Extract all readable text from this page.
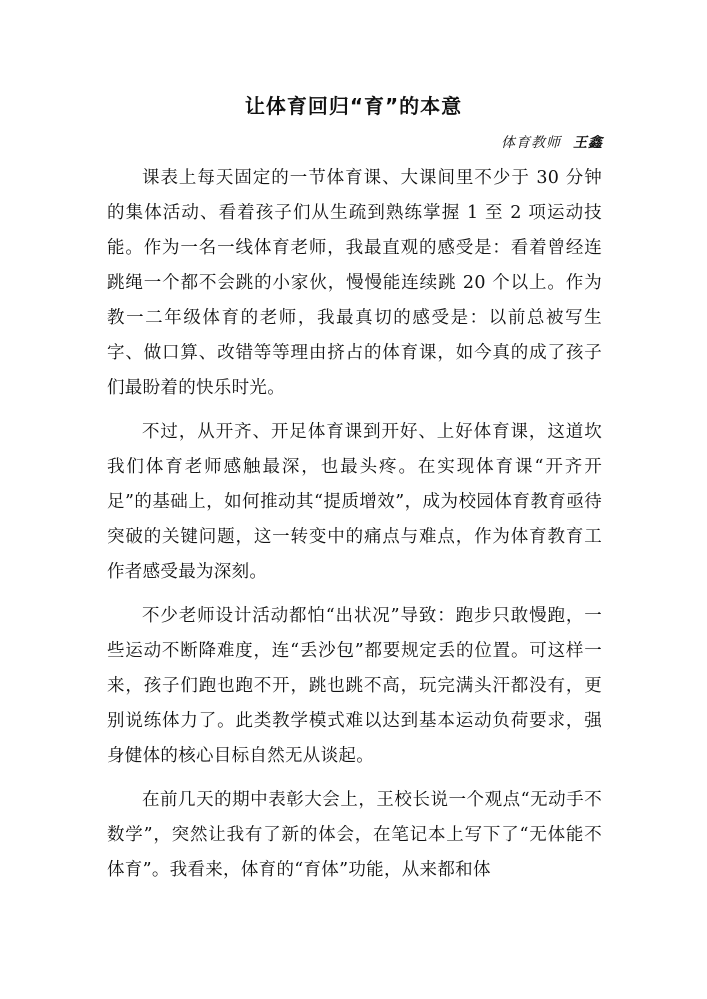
让体育回归“育”的本意
体育教师 王鑫

课表上每天固定的一节体育课、大课间里不少于 30 分钟的集体活动、看着孩子们从生疏到熟练掌握 1 至 2 项运动技能。作为一名一线体育老师，我最直观的感受是：看着曾经连跳绳一个都不会跳的小家伙，慢慢能连续跳 20 个以上。作为教一二年级体育的老师，我最真切的感受是：以前总被写生字、做口算、改错等等理由挤占的体育课，如今真的成了孩子们最盼着的快乐时光。

不过，从开齐、开足体育课到开好、上好体育课，这道坎我们体育老师感触最深，也最头疼。在实现体育课“开齐开足”的基础上，如何推动其“提质增效”，成为校园体育教育亟待突破的关键问题，这一转变中的痛点与难点，作为体育教育工作者感受最为深刻。

不少老师设计活动都怕“出状况”导致：跑步只敢慢跑，一些运动不断降难度，连“丢沙包”都要规定丢的位置。可这样一来，孩子们跑也跑不开，跳也跳不高，玩完满头汗都没有，更别说练体力了。此类教学模式难以达到基本运动负荷要求，强身健体的核心目标自然无从谈起。

在前几天的期中表彰大会上，王校长说一个观点“无动手不数学”，突然让我有了新的体会，在笔记本上写下了“无体能不体育”。我看来，体育的“育体”功能，从来都和体
